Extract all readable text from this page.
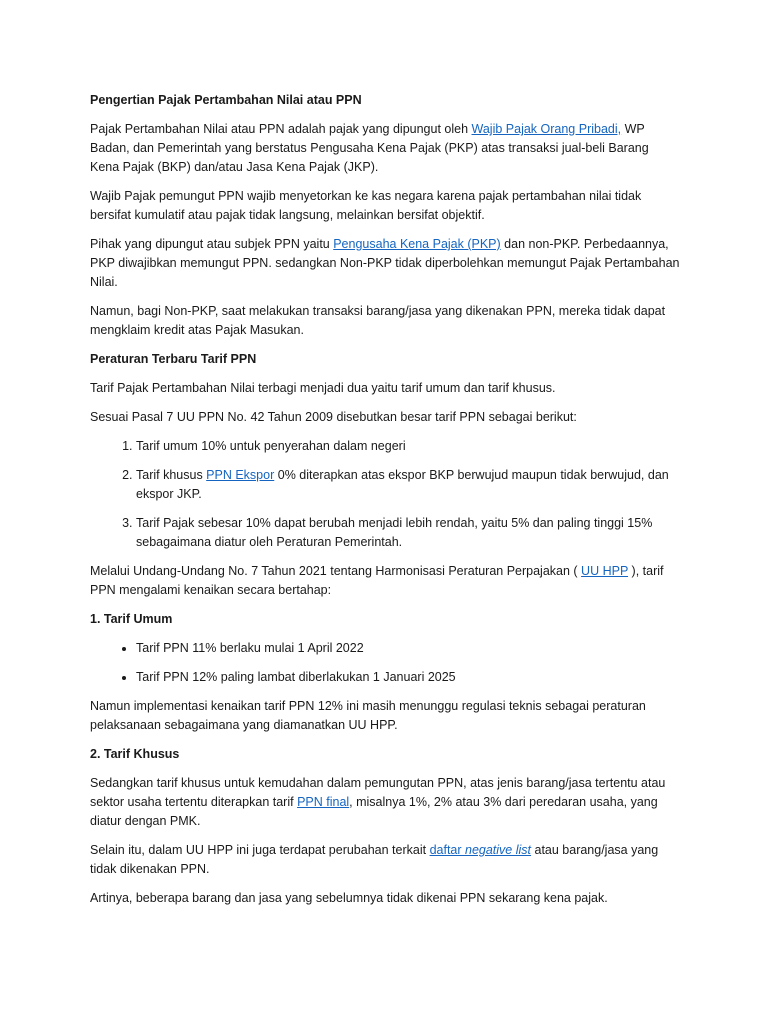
Pengertian Pajak Pertambahan Nilai atau PPN

Pajak Pertambahan Nilai atau PPN adalah pajak yang dipungut oleh Wajib Pajak Orang Pribadi, WP Badan, dan Pemerintah yang berstatus Pengusaha Kena Pajak (PKP) atas transaksi jual-beli Barang Kena Pajak (BKP) dan/atau Jasa Kena Pajak (JKP).

Wajib Pajak pemungut PPN wajib menyetorkan ke kas negara karena pajak pertambahan nilai tidak bersifat kumulatif atau pajak tidak langsung, melainkan bersifat objektif.

Pihak yang dipungut atau subjek PPN yaitu Pengusaha Kena Pajak (PKP) dan non-PKP. Perbedaannya, PKP diwajibkan memungut PPN. sedangkan Non-PKP tidak diperbolehkan memungut Pajak Pertambahan Nilai.

Namun, bagi Non-PKP, saat melakukan transaksi barang/jasa yang dikenakan PPN, mereka tidak dapat mengklaim kredit atas Pajak Masukan.

Peraturan Terbaru Tarif PPN

Tarif Pajak Pertambahan Nilai terbagi menjadi dua yaitu tarif umum dan tarif khusus.

Sesuai Pasal 7 UU PPN No. 42 Tahun 2009 disebutkan besar tarif PPN sebagai berikut:

1. Tarif umum 10% untuk penyerahan dalam negeri
2. Tarif khusus PPN Ekspor 0% diterapkan atas ekspor BKP berwujud maupun tidak berwujud, dan ekspor JKP.
3. Tarif Pajak sebesar 10% dapat berubah menjadi lebih rendah, yaitu 5% dan paling tinggi 15% sebagaimana diatur oleh Peraturan Pemerintah.

Melalui Undang-Undang No. 7 Tahun 2021 tentang Harmonisasi Peraturan Perpajakan ( UU HPP ), tarif PPN mengalami kenaikan secara bertahap:

1. Tarif Umum
• Tarif PPN 11% berlaku mulai 1 April 2022
• Tarif PPN 12% paling lambat diberlakukan 1 Januari 2025

Namun implementasi kenaikan tarif PPN 12% ini masih menunggu regulasi teknis sebagai peraturan pelaksanaan sebagaimana yang diamanatkan UU HPP.

2. Tarif Khusus

Sedangkan tarif khusus untuk kemudahan dalam pemungutan PPN, atas jenis barang/jasa tertentu atau sektor usaha tertentu diterapkan tarif PPN final, misalnya 1%, 2% atau 3% dari peredaran usaha, yang diatur dengan PMK.

Selain itu, dalam UU HPP ini juga terdapat perubahan terkait daftar negative list atau barang/jasa yang tidak dikenakan PPN.

Artinya, beberapa barang dan jasa yang sebelumnya tidak dikenai PPN sekarang kena pajak.
